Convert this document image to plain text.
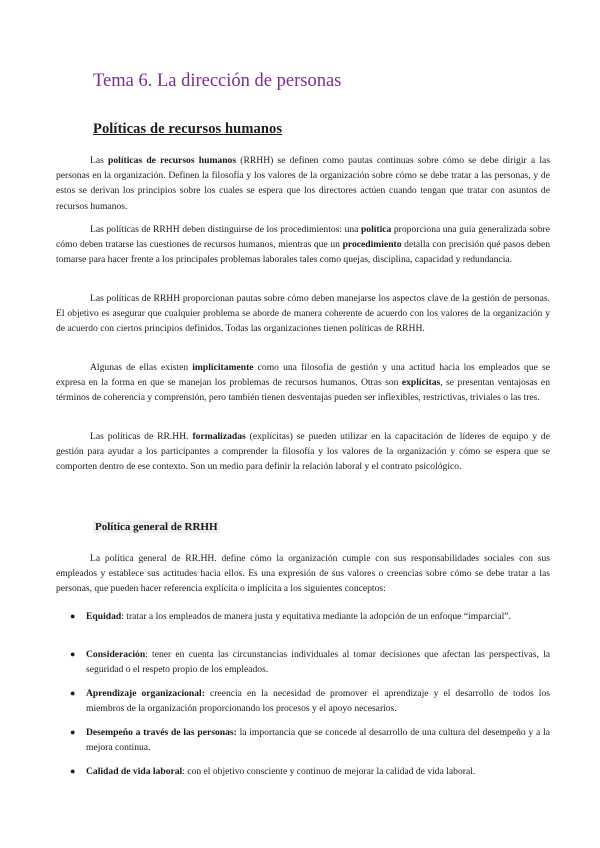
Tema 6. La dirección de personas
Políticas de recursos humanos

Las políticas de recursos humanos (RRHH) se definen como pautas continuas sobre cómo se debe dirigir a las personas en la organización. Definen la filosofía y los valores de la organización sobre cómo se debe tratar a las personas, y de estos se derivan los principios sobre los cuales se espera que los directores actúen cuando tengan que tratar con asuntos de recursos humanos.

Las políticas de RRHH deben distinguirse de los procedimientos: una política proporciona una guía generalizada sobre cómo deben tratarse las cuestiones de recursos humanos, mientras que un procedimiento detalla con precisión qué pasos deben tomarse para hacer frente a los principales problemas laborales tales como quejas, disciplina, capacidad y redundancia.

Las políticas de RRHH proporcionan pautas sobre cómo deben manejarse los aspectos clave de la gestión de personas. El objetivo es asegurar que cualquier problema se aborde de manera coherente de acuerdo con los valores de la organización y de acuerdo con ciertos principios definidos. Todas las organizaciones tienen políticas de RRHH.

Algunas de ellas existen implícitamente como una filosofía de gestión y una actitud hacia los empleados que se expresa en la forma en que se manejan los problemas de recursos humanos. Otras son explícitas, se presentan ventajosas en términos de coherencia y comprensión, pero también tienen desventajas pueden ser inflexibles, restrictivas, triviales o las tres.

Las políticas de RR.HH. formalizadas (explícitas) se pueden utilizar en la capacitación de líderes de equipo y de gestión para ayudar a los participantes a comprender la filosofía y los valores de la organización y cómo se espera que se comporten dentro de ese contexto. Son un medio para definir la relación laboral y el contrato psicológico.

Política general de RRHH

La política general de RR.HH. define cómo la organización cumple con sus responsabilidades sociales con sus empleados y establece sus actitudes hacia ellos. Es una expresión de sus valores o creencias sobre cómo se debe tratar a las personas, que pueden hacer referencia explícita o implícita a los siguientes conceptos:

● Equidad: tratar a los empleados de manera justa y equitativa mediante la adopción de un enfoque “imparcial”.
● Consideración: tener en cuenta las circunstancias individuales al tomar decisiones que afectan las perspectivas, la seguridad o el respeto propio de los empleados.
● Aprendizaje organizacional: creencia en la necesidad de promover el aprendizaje y el desarrollo de todos los miembros de la organización proporcionando los procesos y el apoyo necesarios.
● Desempeño a través de las personas: la importancia que se concede al desarrollo de una cultura del desempeño y a la mejora continua.
● Calidad de vida laboral: con el objetivo consciente y continuo de mejorar la calidad de vida laboral.
